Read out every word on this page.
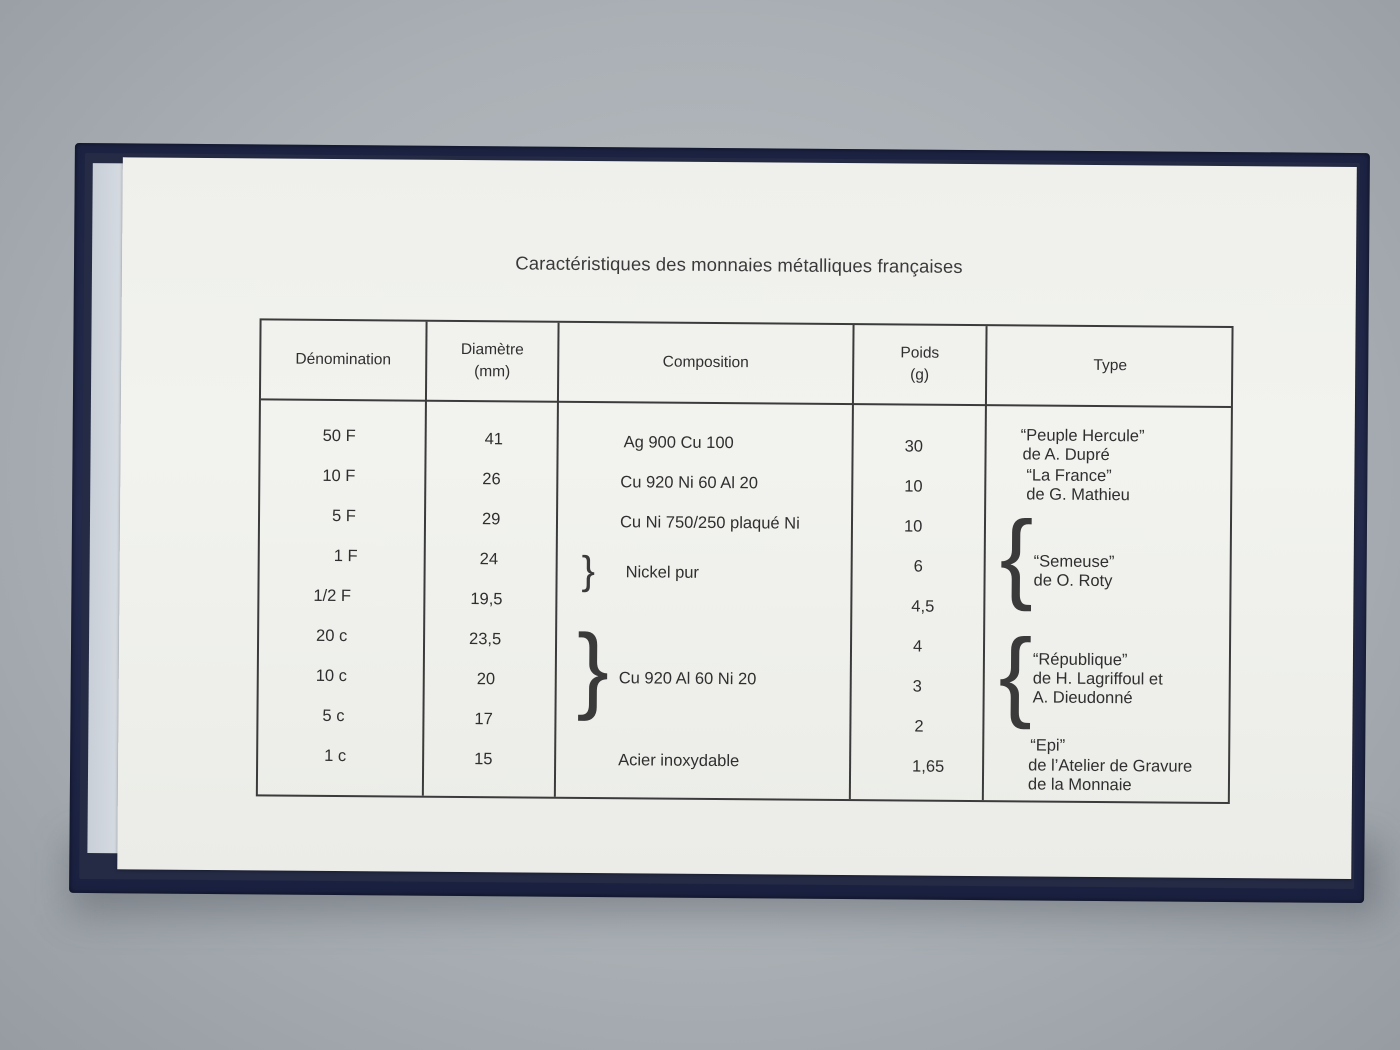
Caractéristiques des monnaies métalliques françaises
Dénomination
Diamètre
(mm)
Composition
Poids
(g)
Type
50 F
10 F
5 F
1 F
1/2 F
20 c
10 c
5 c
1 c
41
26
29
24
19,5
23,5
20
17
15
Ag 900 Cu 100
Cu 920 Ni 60 Al 20
Cu Ni 750/250 plaqué Ni
} Nickel pur
} Cu 920 Al 60 Ni 20
Acier inoxydable
30
10
10
6
4,5
4
3
2
1,65
“Peuple Hercule”
de A. Dupré
“La France”
de G. Mathieu
{ “Semeuse”
de O. Roty
{ “République”
de H. Lagriffoul et
A. Dieudonné
“Epi”
de l’Atelier de Gravure
de la Monnaie
